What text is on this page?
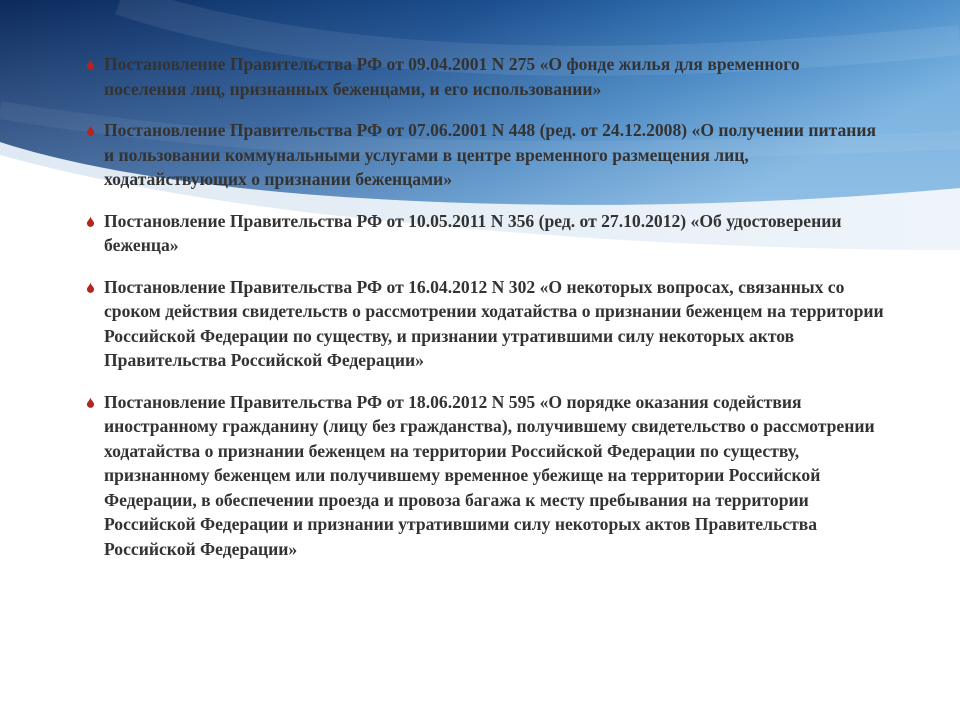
Постановление Правительства РФ от 09.04.2001 N 275 «О фонде жилья для временного поселения лиц, признанных беженцами, и его использовании»
Постановление Правительства РФ от 07.06.2001 N 448 (ред. от 24.12.2008) «О получении питания и пользовании коммунальными услугами в центре временного размещения лиц, ходатайствующих о признании беженцами»
Постановление Правительства РФ от 10.05.2011 N 356 (ред. от 27.10.2012) «Об удостоверении беженца»
Постановление Правительства РФ от 16.04.2012 N 302 «О некоторых вопросах, связанных со сроком действия свидетельств о рассмотрении ходатайства о признании беженцем на территории Российской Федерации по существу, и признании утратившими силу некоторых актов Правительства Российской Федерации»
Постановление Правительства РФ от 18.06.2012 N 595 «О порядке оказания содействия иностранному гражданину (лицу без гражданства), получившему свидетельство о рассмотрении ходатайства о признании беженцем на территории Российской Федерации по существу, признанному беженцем или получившему временное убежище на территории Российской Федерации, в обеспечении проезда и провоза багажа к месту пребывания на территории Российской Федерации и признании утратившими силу некоторых актов Правительства Российской Федерации»
